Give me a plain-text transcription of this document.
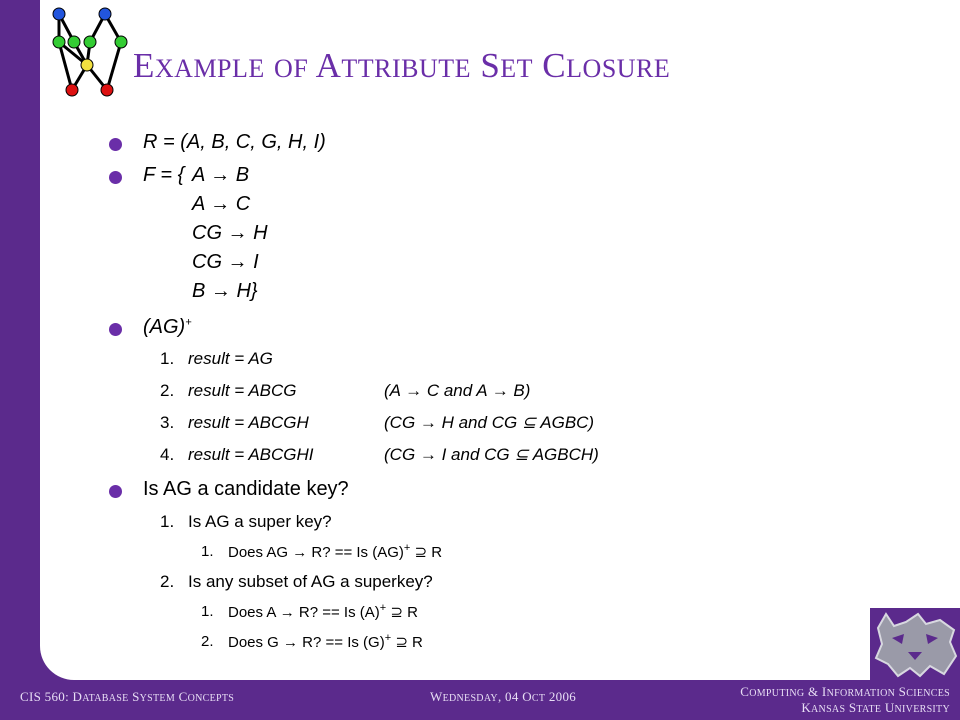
EXAMPLE OF ATTRIBUTE SET CLOSURE
R = (A, B, C, G, H, I)
F = { A → B
A → C
CG → H
CG → I
B → H}
(AG)+
1. result = AG
2. result = ABCG	(A → C and A → B)
3. result = ABCGH	(CG → H and CG ⊆ AGBC)
4. result = ABCGHI	(CG → I and CG ⊆ AGBCH)
Is AG a candidate key?
1. Is AG a super key?
1. Does AG → R? == Is (AG)+ ⊇ R
2. Is any subset of AG a superkey?
1. Does A → R? == Is (A)+ ⊇ R
2. Does G → R? == Is (G)+ ⊇ R
CIS 560: DATABASE SYSTEM CONCEPTS	WEDNESDAY, 04 OCT 2006	COMPUTING & INFORMATION SCIENCES
KANSAS STATE UNIVERSITY
